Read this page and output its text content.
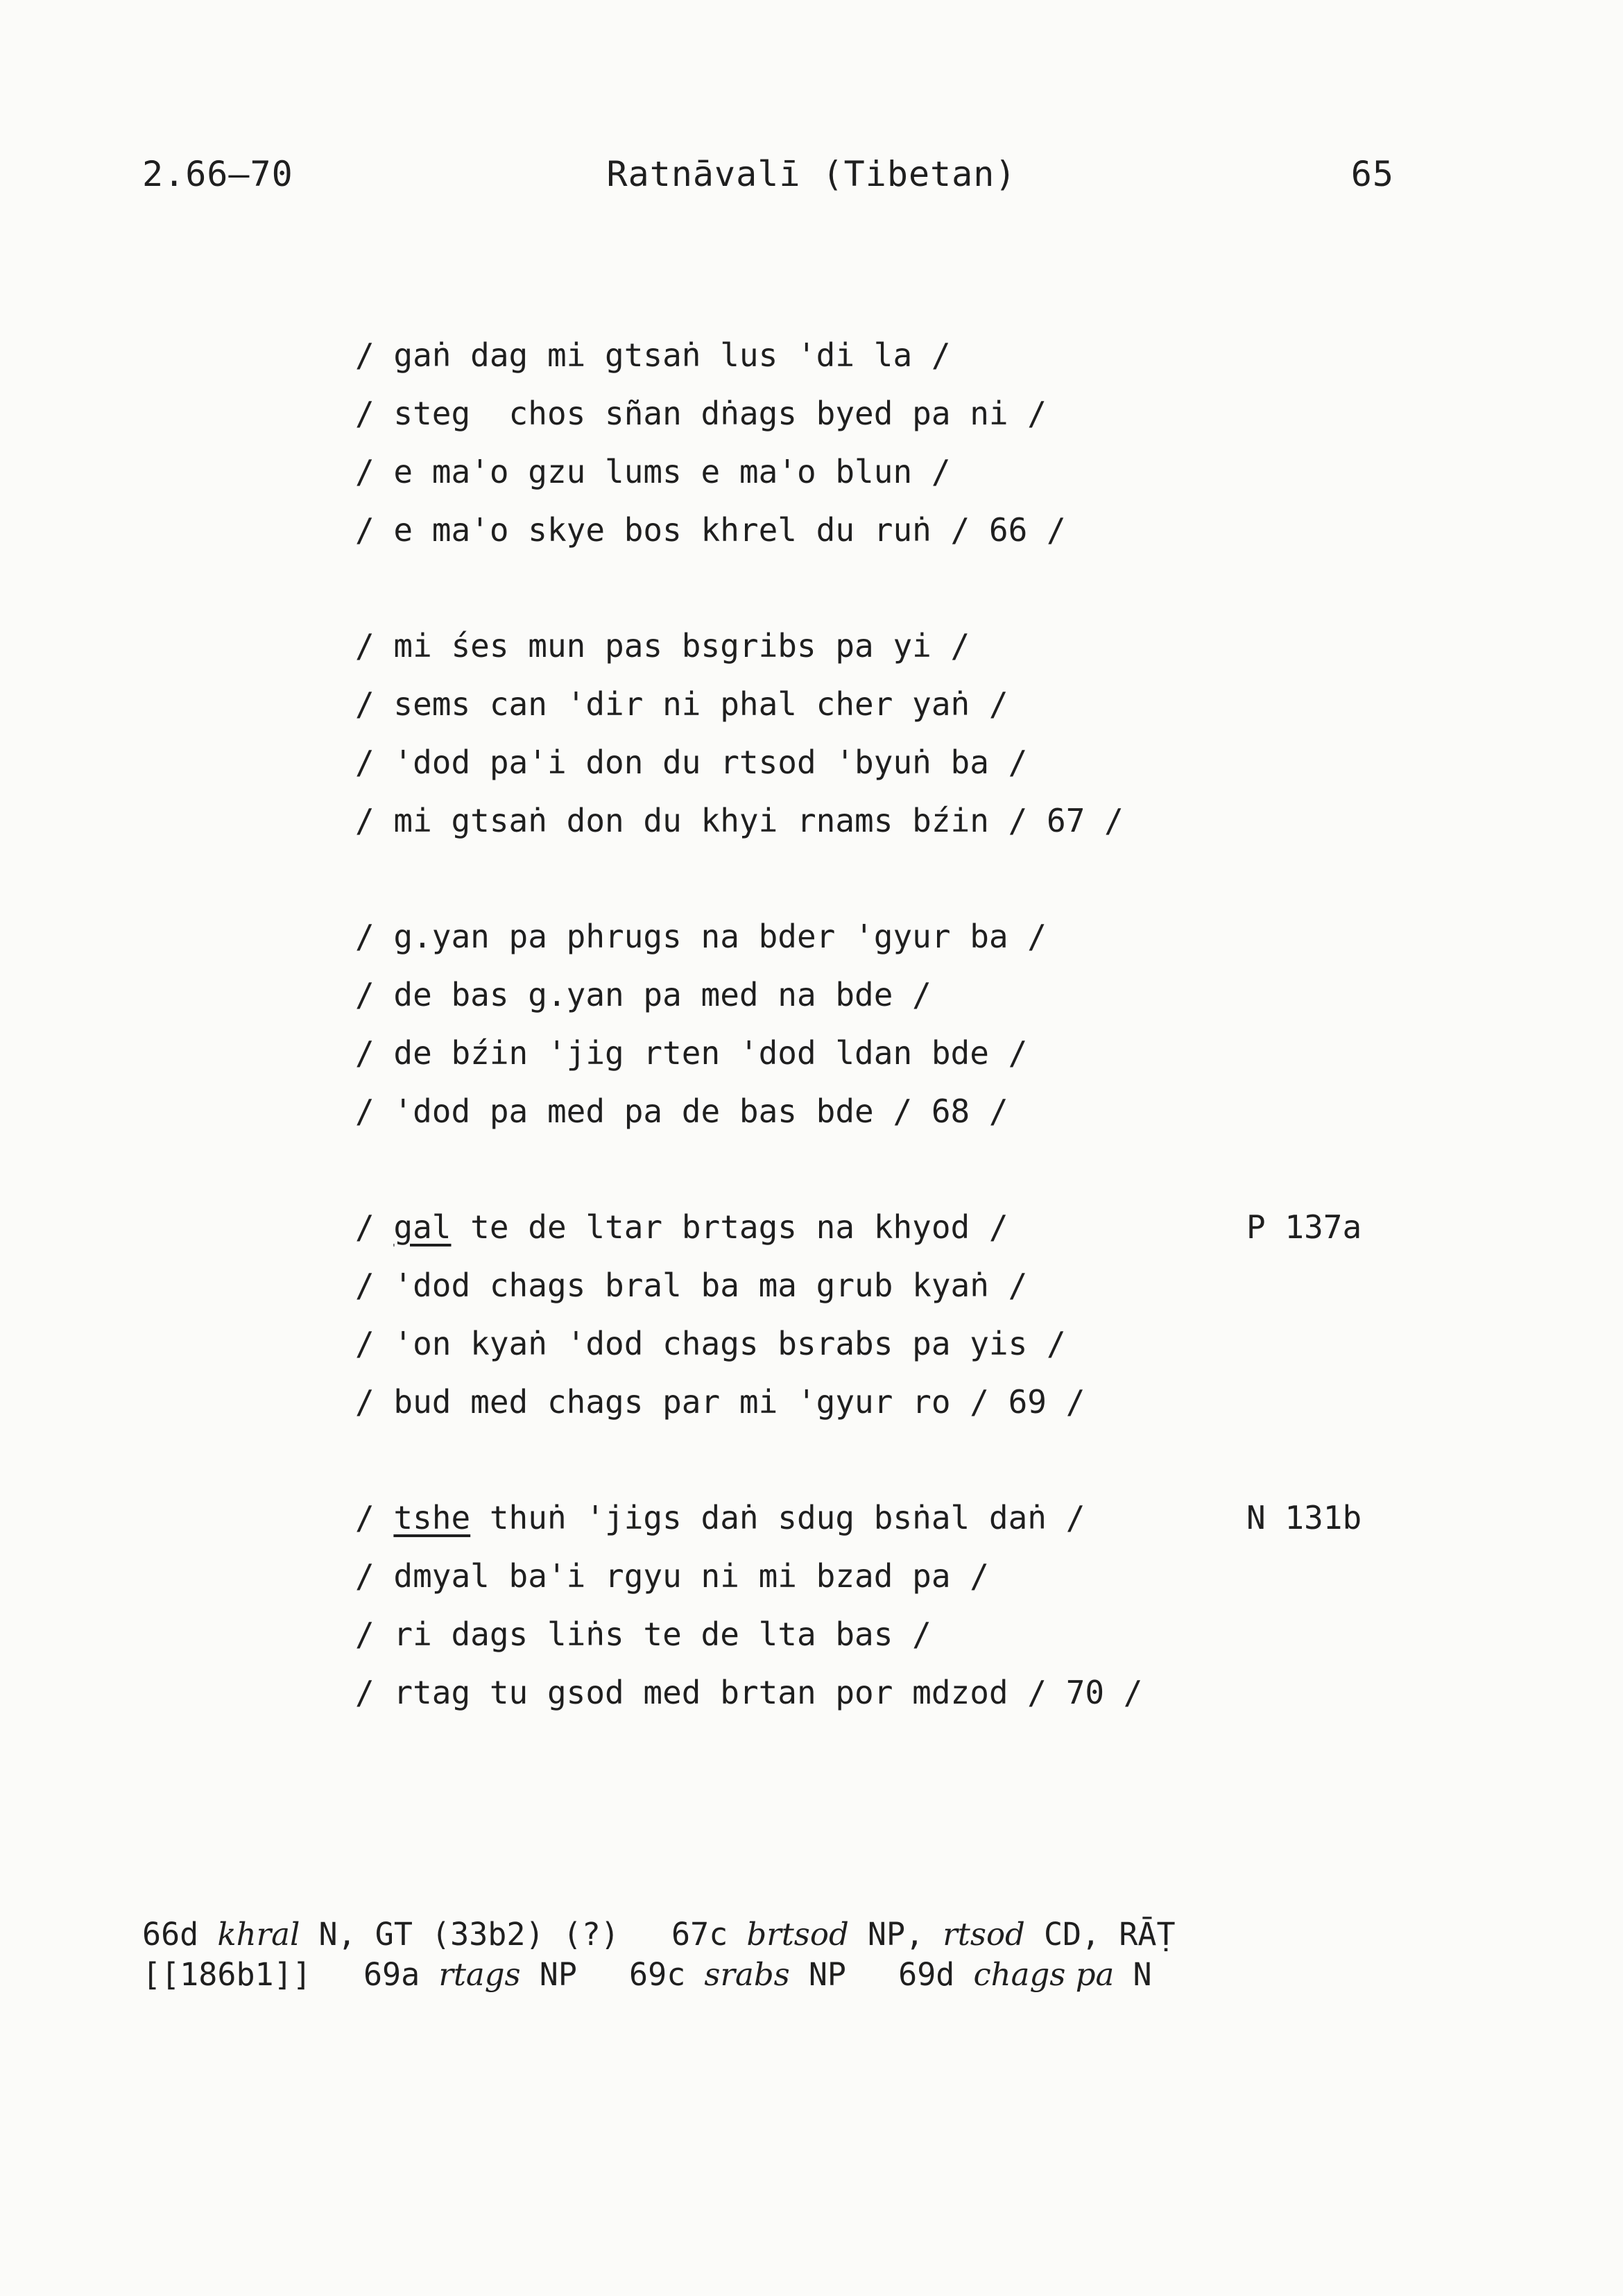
2.66–70	Ratnāvalī (Tibetan)	65
/ gaṅ dag mi gtsaṅ lus 'di la /
/ steg  chos sñan dṅags byed pa ni /
/ e ma'o gzu lums e ma'o blun /
/ e ma'o skye bos khrel du ruṅ / 66 /
/ mi śes mun pas bsgribs pa yi /
/ sems can 'dir ni phal cher yaṅ /
/ 'dod pa'i don du rtsod 'byuṅ ba /
/ mi gtsaṅ don du khyi rnams bźin / 67 /
/ g.yan pa phrugs na bder 'gyur ba /
/ de bas g.yan pa med na bde /
/ de bźin 'jig rten 'dod ldan bde /
/ 'dod pa med pa de bas bde / 68 /
/ gal te de ltar brtags na khyod /	P 137a
/ 'dod chags bral ba ma grub kyaṅ /
/ 'on kyaṅ 'dod chags bsrabs pa yis /
/ bud med chags par mi 'gyur ro / 69 /
/ tshe thuṅ 'jigs daṅ sdug bsṅal daṅ /	N 131b
/ dmyal ba'i rgyu ni mi bzad pa /
/ ri dags liṅs te de lta bas /
/ rtag tu gsod med brtan por mdzod / 70 /
66d khral N, GT (33b2) (?) 67c brtsod NP, rtsod CD, RĀṬ
[[186b1]] 69a rtags NP 69c srabs NP 69d chags pa N
